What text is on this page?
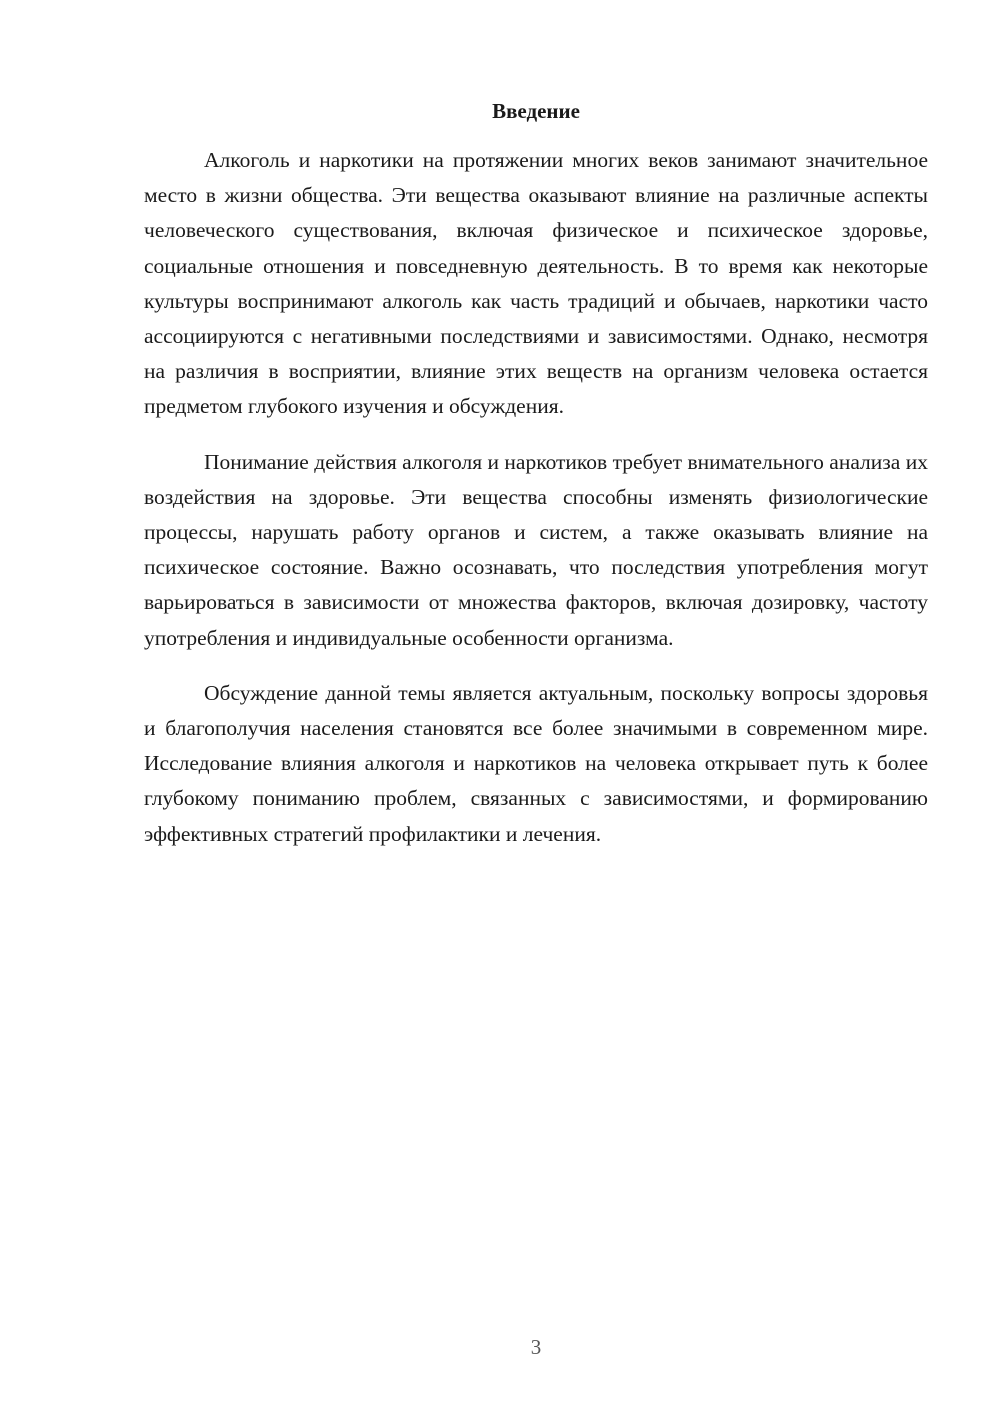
Введение

Алкоголь и наркотики на протяжении многих веков занимают значительное место в жизни общества. Эти вещества оказывают влияние на различные аспекты человеческого существования, включая физическое и психическое здоровье, социальные отношения и повседневную деятельность. В то время как некоторые культуры воспринимают алкоголь как часть традиций и обычаев, наркотики часто ассоциируются с негативными последствиями и зависимостями. Однако, несмотря на различия в восприятии, влияние этих веществ на организм человека остается предметом глубокого изучения и обсуждения.

Понимание действия алкоголя и наркотиков требует внимательного анализа их воздействия на здоровье. Эти вещества способны изменять физиологические процессы, нарушать работу органов и систем, а также оказывать влияние на психическое состояние. Важно осознавать, что последствия употребления могут варьироваться в зависимости от множества факторов, включая дозировку, частоту употребления и индивидуальные особенности организма.

Обсуждение данной темы является актуальным, поскольку вопросы здоровья и благополучия населения становятся все более значимыми в современном мире. Исследование влияния алкоголя и наркотиков на человека открывает путь к более глубокому пониманию проблем, связанных с зависимостями, и формированию эффективных стратегий профилактики и лечения.

3
